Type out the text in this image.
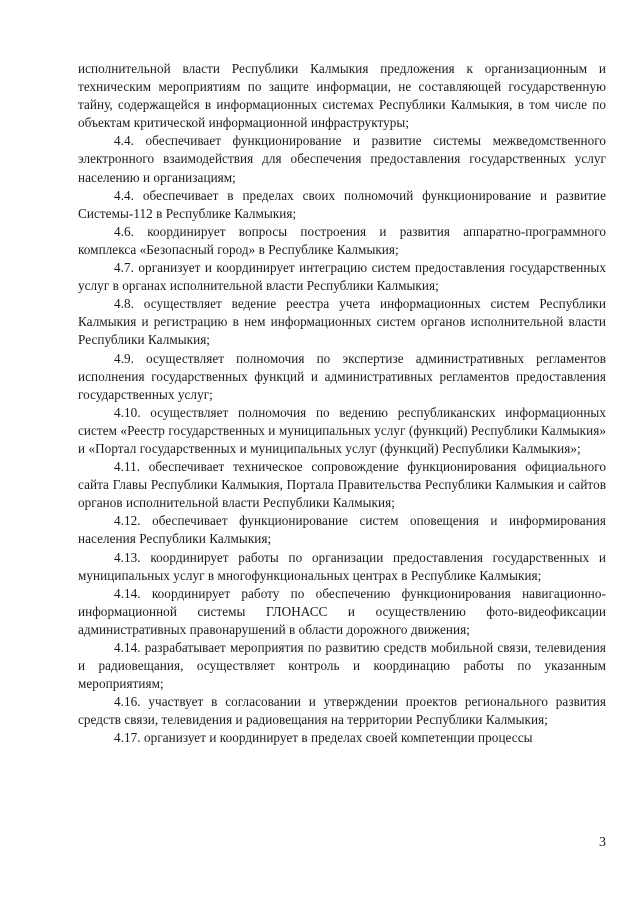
исполнительной власти Республики Калмыкия предложения к организационным и техническим мероприятиям по защите информации, не составляющей государственную тайну, содержащейся в информационных системах Республики Калмыкия, в том числе по объектам критической информационной инфраструктуры;

4.4. обеспечивает функционирование и развитие системы межведомственного электронного взаимодействия для обеспечения предоставления государственных услуг населению и организациям;

4.4. обеспечивает в пределах своих полномочий функционирование и развитие Системы-112 в Республике Калмыкия;

4.6. координирует вопросы построения и развития аппаратно-программного комплекса «Безопасный город» в Республике Калмыкия;

4.7. организует и координирует интеграцию систем предоставления государственных услуг в органах исполнительной власти Республики Калмыкия;

4.8. осуществляет ведение реестра учета информационных систем Республики Калмыкия и регистрацию в нем информационных систем органов исполнительной власти Республики Калмыкия;

4.9. осуществляет полномочия по экспертизе административных регламентов исполнения государственных функций и административных регламентов предоставления государственных услуг;

4.10. осуществляет полномочия по ведению республиканских информационных систем «Реестр государственных и муниципальных услуг (функций) Республики Калмыкия» и «Портал государственных и муниципальных услуг (функций) Республики Калмыкия»;

4.11. обеспечивает техническое сопровождение функционирования официального сайта Главы Республики Калмыкия, Портала Правительства Республики Калмыкия и сайтов органов исполнительной власти Республики Калмыкия;

4.12. обеспечивает функционирование систем оповещения и информирования населения Республики Калмыкия;

4.13. координирует работы по организации предоставления государственных и муниципальных услуг в многофункциональных центрах в Республике Калмыкия;

4.14. координирует работу по обеспечению функционирования навигационно-информационной системы ГЛОНАСС и осуществлению фото-видеофиксации административных правонарушений в области дорожного движения;

4.14. разрабатывает мероприятия по развитию средств мобильной связи, телевидения и радиовещания, осуществляет контроль и координацию работы по указанным мероприятиям;

4.16. участвует в согласовании и утверждении проектов регионального развития средств связи, телевидения и радиовещания на территории Республики Калмыкия;

4.17. организует и координирует в пределах своей компетенции процессы

3
